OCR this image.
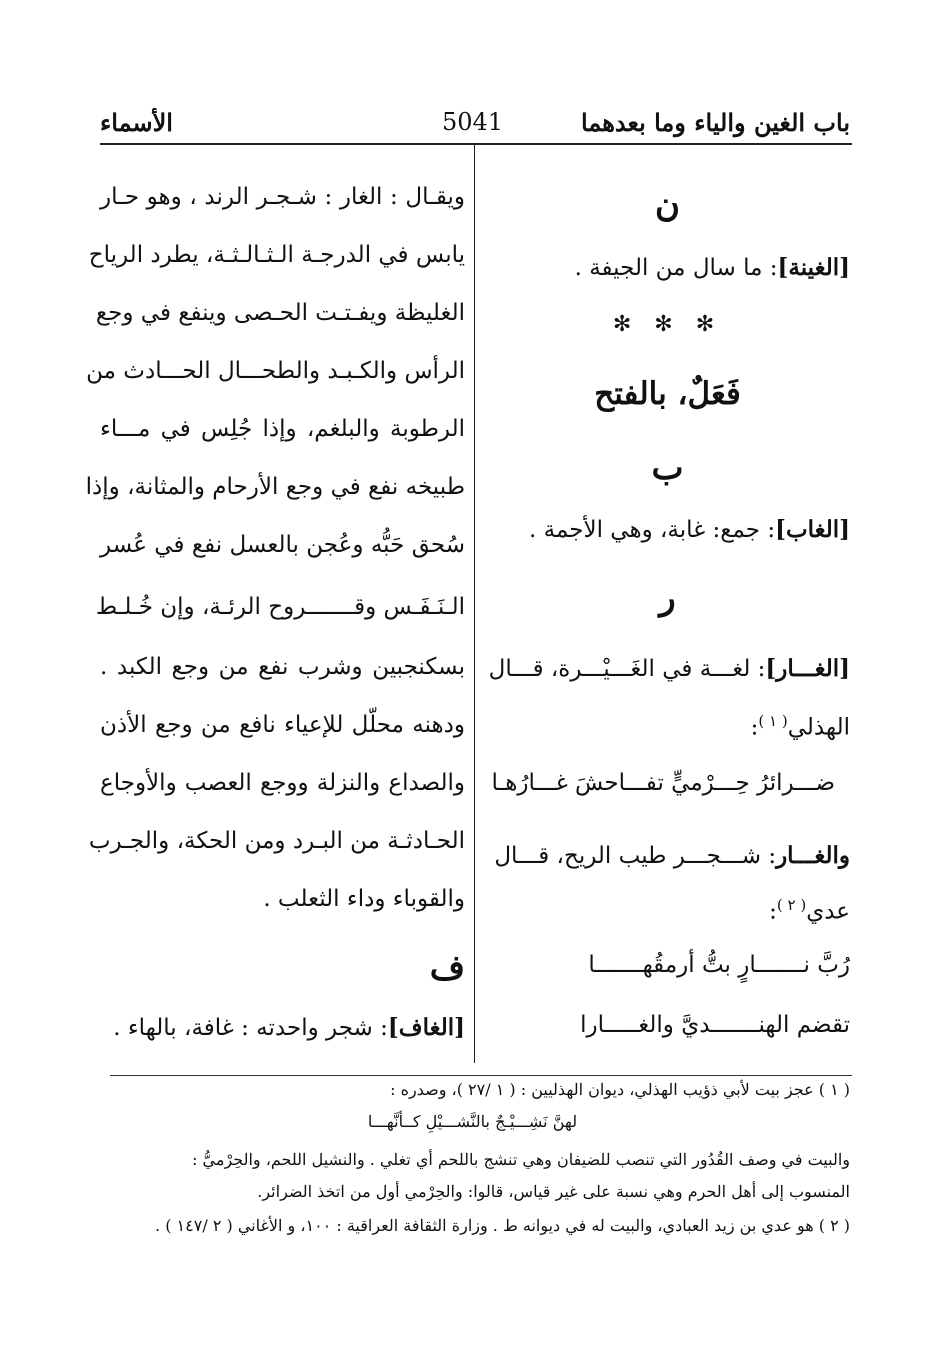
باب الغين والياء وما بعدهما
5041
الأسماء
ن
[الغينة]: ما سال من الجيفة .
✻ ✻ ✻
فَعَلٌ، بالفتح
ب
[الغاب]: جمع: غابة، وهي الأجمة .
ر
[الغـــار]: لغـــة في الغَـــيْـــرة، قـــال
الهذلي$^{( ١ )}$:
ضـــرائرُ حِـــرْميٍّ تفـــاحشَ غـــارُهـا
والغـــار: شـــجـــر طيب الريح، قـــال
عدي$^{( ٢ )}$:
رُبَّ نـــــــارٍ بتُّ أرمقُهـــــــا
تقضم الهنـــــــديَّ والغـــــارا
ويقـال : الغار : شـجـر الرند ، وهو حـار
يابس في الدرجـة الـثـالـثـة، يطرد الرياح
الغليظة ويفـتـت الحـصى وينفع في وجع
الرأس والكـبـد والطحـــال الحـــادث من
الرطوبة والبلغم، وإذا جُلِس في مـــاء
طبيخه نفع في وجع الأرحام والمثانة، وإذا
سُحق حَبُّه وعُجن بالعسل نفع في عُسر
الـنَـفَـس وقـــــــروح الرئـة، وإن خُـلـط
بسكنجبين وشرب نفع من وجع الكبد .
ودهنه محلّل للإعياء نافع من وجع الأذن
والصداع والنزلة ووجع العصب والأوجاع
الحـادثـة من البـرد ومن الحكة، والجـرب
والقوباء وداء الثعلب .
ف
[الغاف]: شجر واحدته : غافة، بالهاء .
( ١ ) عجز بيت لأبي ذؤيب الهذلي، ديوان الهذليين : ( ١ /٢٧ )، وصدره :
لهنَّ نَشِـــيْـجٌ بالنَّشـــيْلِ كــأنَّهـــا
والبيت في وصف القُدُور التي تنصب للضيفان وهي تنشج باللحم أي تغلي . والنشيل اللحم، والحِرْميُّ :
المنسوب إلى أهل الحرم وهي نسبة على غير قياس، قالوا: والحِرْمي أول من اتخذ الضرائر.
( ٢ ) هو عدي بن زيد العبادي، والبيت له في ديوانه ط . وزارة الثقافة العراقية : ١٠٠، و الأغاني ( ٢ /١٤٧ ) .
